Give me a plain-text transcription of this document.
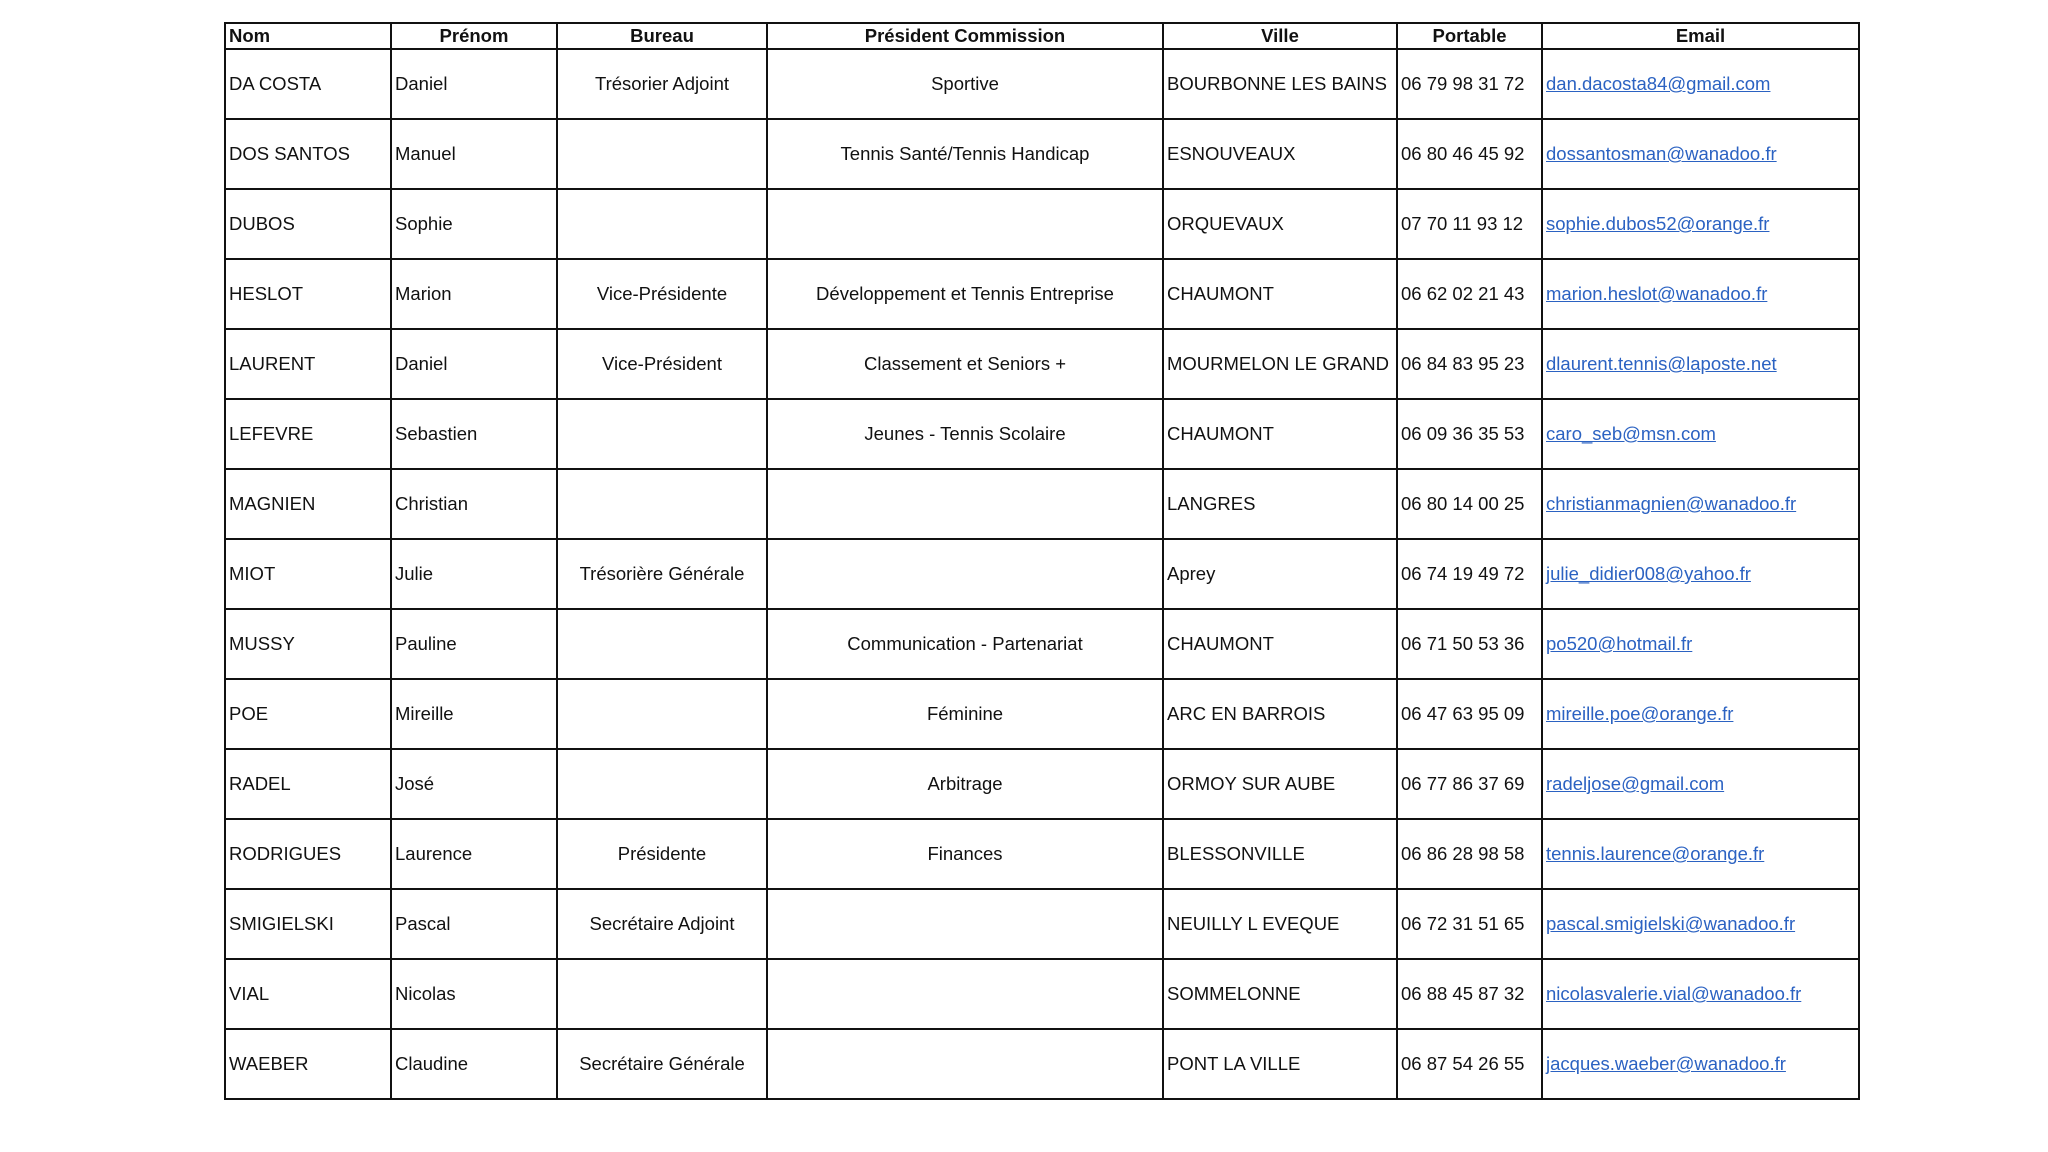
Nom	Prénom	Bureau	Président Commission	Ville	Portable	Email
DA COSTA	Daniel	Trésorier Adjoint	Sportive	BOURBONNE LES BAINS	06 79 98 31 72	dan.dacosta84@gmail.com
DOS SANTOS	Manuel		Tennis Santé/Tennis Handicap	ESNOUVEAUX	06 80 46 45 92	dossantosman@wanadoo.fr
DUBOS	Sophie			ORQUEVAUX	07 70 11 93 12	sophie.dubos52@orange.fr
HESLOT	Marion	Vice-Présidente	Développement et Tennis Entreprise	CHAUMONT	06 62 02 21 43	marion.heslot@wanadoo.fr
LAURENT	Daniel	Vice-Président	Classement et Seniors +	MOURMELON LE GRAND	06 84 83 95 23	dlaurent.tennis@laposte.net
LEFEVRE	Sebastien		Jeunes - Tennis Scolaire	CHAUMONT	06 09 36 35 53	caro_seb@msn.com
MAGNIEN	Christian			LANGRES	06 80 14 00 25	christianmagnien@wanadoo.fr
MIOT	Julie	Trésorière Générale		Aprey	06 74 19 49 72	julie_didier008@yahoo.fr
MUSSY	Pauline		Communication - Partenariat	CHAUMONT	06 71 50 53 36	po520@hotmail.fr
POE	Mireille		Féminine	ARC EN BARROIS	06 47 63 95 09	mireille.poe@orange.fr
RADEL	José		Arbitrage	ORMOY SUR AUBE	06 77 86 37 69	radeljose@gmail.com
RODRIGUES	Laurence	Présidente	Finances	BLESSONVILLE	06 86 28 98 58	tennis.laurence@orange.fr
SMIGIELSKI	Pascal	Secrétaire Adjoint		NEUILLY L EVEQUE	06 72 31 51 65	pascal.smigielski@wanadoo.fr
VIAL	Nicolas			SOMMELONNE	06 88 45 87 32	nicolasvalerie.vial@wanadoo.fr
WAEBER	Claudine	Secrétaire Générale		PONT LA VILLE	06 87 54 26 55	jacques.waeber@wanadoo.fr
